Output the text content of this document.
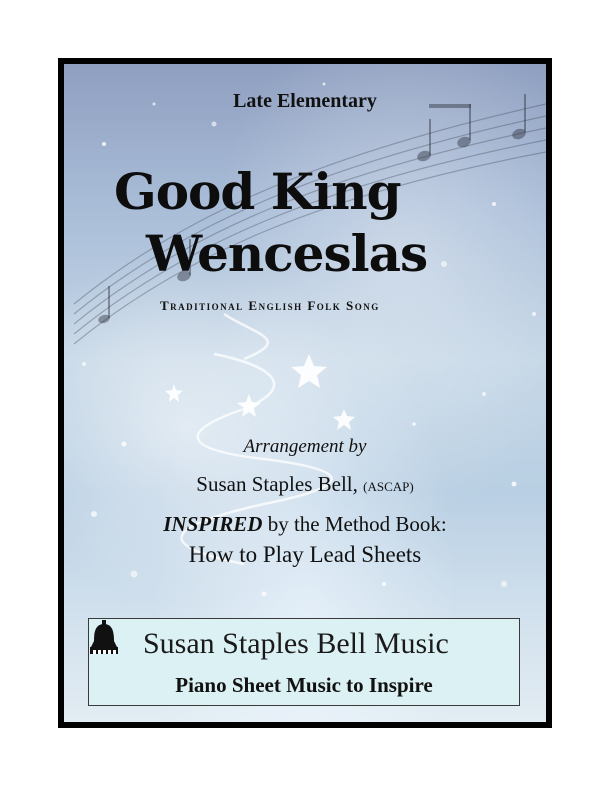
Late Elementary
Good King
Wenceslas
Traditional English Folk Song
Arrangement by
Susan Staples Bell, (ASCAP)
INSPIRED by the Method Book:
How to Play Lead Sheets
Susan Staples Bell Music
Piano Sheet Music to Inspire
